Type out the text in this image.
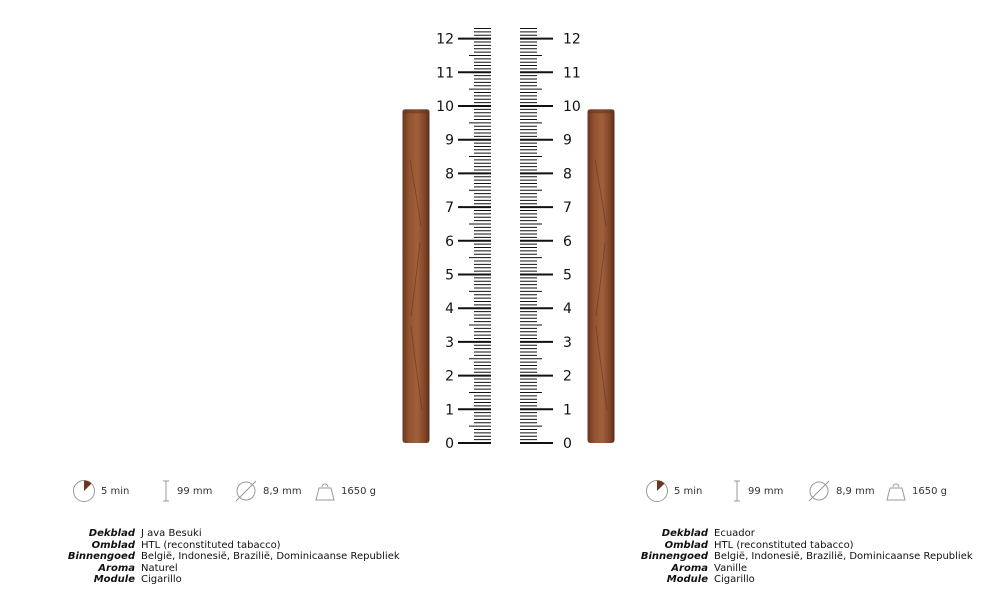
0
1
2
3
4
5
6
7
8
9
10
11
12
0
1
2
3
4
5
6
7
8
9
10
11
12
5 min	99 mm	8,9 mm	1650 g	5 min	99 mm	8,9 mm	1650 g
Dekblad J ava Besuki
Omblad HTL (reconstituted tabacco)
Binnengoed België, Indonesië, Brazilië, Dominicaanse Republiek
Aroma Naturel
Module Cigarillo
Dekblad Ecuador
Omblad HTL (reconstituted tabacco)
Binnengoed België, Indonesië, Brazilië, Dominicaanse Republiek
Aroma Vanille
Module Cigarillo
